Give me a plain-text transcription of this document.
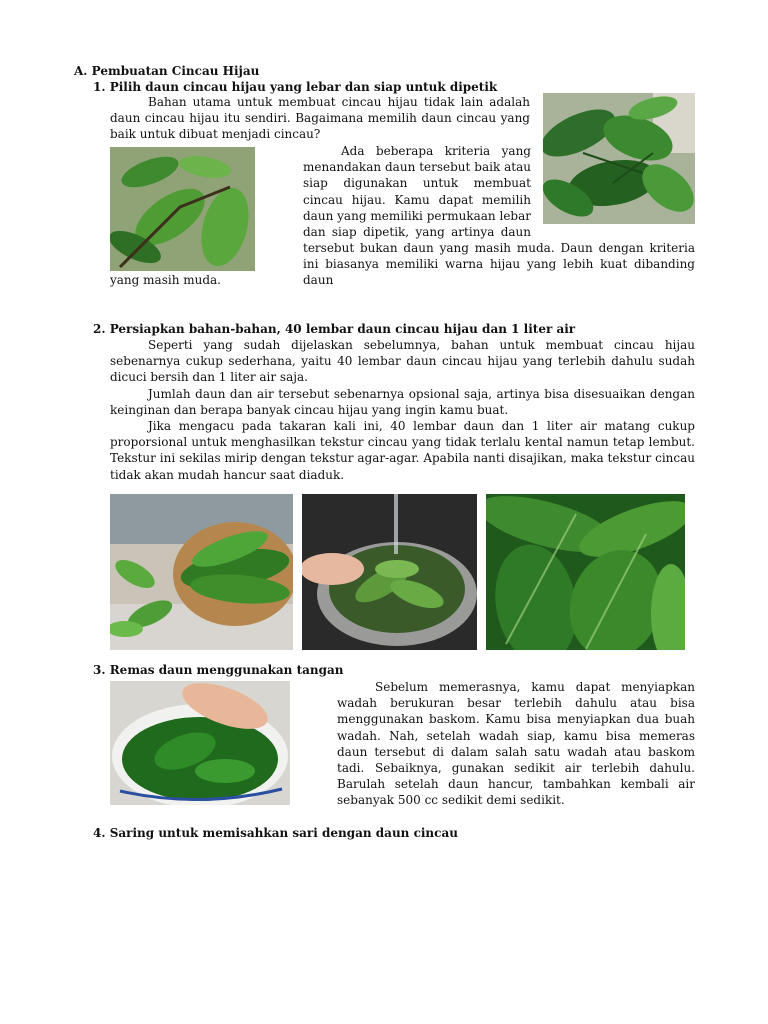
A. Pembuatan Cincau Hijau
1. Pilih daun cincau hijau yang lebar dan siap untuk dipetik

Bahan utama untuk membuat cincau hijau tidak lain adalah daun cincau hijau itu sendiri. Bagaimana memilih daun cincau yang baik untuk dibuat menjadi cincau?

Ada beberapa kriteria yang

menandakan daun tersebut baik atau

siap digunakan untuk membuat

cincau hijau. Kamu dapat memilih

daun yang memiliki permukaan lebar

dan siap dipetik, yang artinya daun

tersebut bukan daun yang masih muda. Daun dengan kriteria ini biasanya memiliki warna hijau yang lebih kuat dibanding daun

yang masih muda.

2. Persiapkan bahan-bahan, 40 lembar daun cincau hijau dan 1 liter air

Seperti yang sudah dijelaskan sebelumnya, bahan untuk membuat cincau hijau sebenarnya cukup sederhana, yaitu 40 lembar daun cincau hijau yang terlebih dahulu sudah dicuci bersih dan 1 liter air saja.

Jumlah daun dan air tersebut sebenarnya opsional saja, artinya bisa disesuaikan dengan keinginan dan berapa banyak cincau hijau yang ingin kamu buat.

Jika mengacu pada takaran kali ini, 40 lembar daun dan 1 liter air matang cukup proporsional untuk menghasilkan tekstur cincau yang tidak terlalu kental namun tetap lembut. Tekstur ini sekilas mirip dengan tekstur agar-agar. Apabila nanti disajikan, maka tekstur cincau tidak akan mudah hancur saat diaduk.

3. Remas daun menggunakan tangan

Sebelum memerasnya, kamu dapat menyiapkan wadah berukuran besar terlebih dahulu atau bisa menggunakan baskom. Kamu bisa menyiapkan dua buah wadah. Nah, setelah wadah siap, kamu bisa memeras daun tersebut di dalam salah satu wadah atau baskom tadi. Sebaiknya, gunakan sedikit air terlebih dahulu. Barulah setelah daun hancur, tambahkan kembali air sebanyak 500 cc sedikit demi sedikit.

4. Saring untuk memisahkan sari dengan daun cincau
